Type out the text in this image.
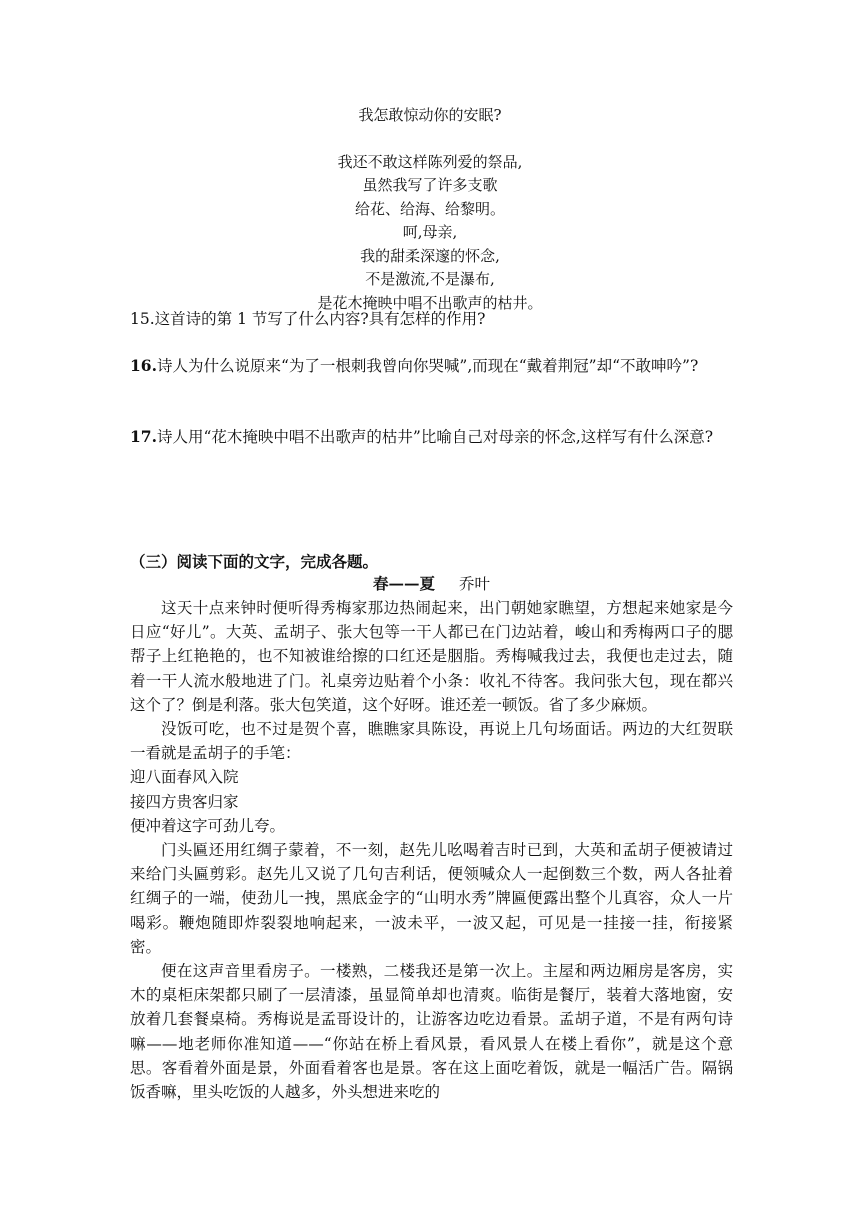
我怎敢惊动你的安眠?
我还不敢这样陈列爱的祭品,
虽然我写了许多支歌
给花、给海、给黎明。
呵,母亲,
我的甜柔深邃的怀念,
不是激流,不是瀑布,
是花木掩映中唱不出歌声的枯井。
15.这首诗的第 1 节写了什么内容?具有怎样的作用?
16.诗人为什么说原来“为了一根刺我曾向你哭喊”,而现在“戴着荆冠”却“不敢呻吟”?
17.诗人用“花木掩映中唱不出歌声的枯井”比喻自己对母亲的怀念,这样写有什么深意?
（三）阅读下面的文字，完成各题。
春——夏 乔叶

这天十点来钟时便听得秀梅家那边热闹起来，出门朝她家瞧望，方想起来她家是今日应“好儿”。大英、孟胡子、张大包等一干人都已在门边站着，峻山和秀梅两口子的腮帮子上红艳艳的，也不知被谁给擦的口红还是胭脂。秀梅喊我过去，我便也走过去，随着一干人流水般地进了门。礼桌旁边贴着个小条：收礼不待客。我问张大包，现在都兴这个了？倒是利落。张大包笑道，这个好呀。谁还差一顿饭。省了多少麻烦。

没饭可吃，也不过是贺个喜，瞧瞧家具陈设，再说上几句场面话。两边的大红贺联一看就是孟胡子的手笔：

迎八面春风入院
接四方贵客归家
便冲着这字可劲儿夸。

门头匾还用红绸子蒙着，不一刻，赵先儿吆喝着吉时已到，大英和孟胡子便被请过来给门头匾剪彩。赵先儿又说了几句吉利话，便领喊众人一起倒数三个数，两人各扯着红绸子的一端，使劲儿一拽，黑底金字的“山明水秀”牌匾便露出整个儿真容，众人一片喝彩。鞭炮随即炸裂裂地响起来，一波未平，一波又起，可见是一挂接一挂，衔接紧密。

便在这声音里看房子。一楼熟，二楼我还是第一次上。主屋和两边厢房是客房，实木的桌柜床架都只刷了一层清漆，虽显简单却也清爽。临街是餐厅，装着大落地窗，安放着几套餐桌椅。秀梅说是孟哥设计的，让游客边吃边看景。孟胡子道，不是有两句诗嘛——地老师你准知道——“你站在桥上看风景，看风景人在楼上看你”，就是这个意思。客看着外面是景，外面看着客也是景。客在这上面吃着饭，就是一幅活广告。隔锅饭香嘛，里头吃饭的人越多，外头想进来吃的
